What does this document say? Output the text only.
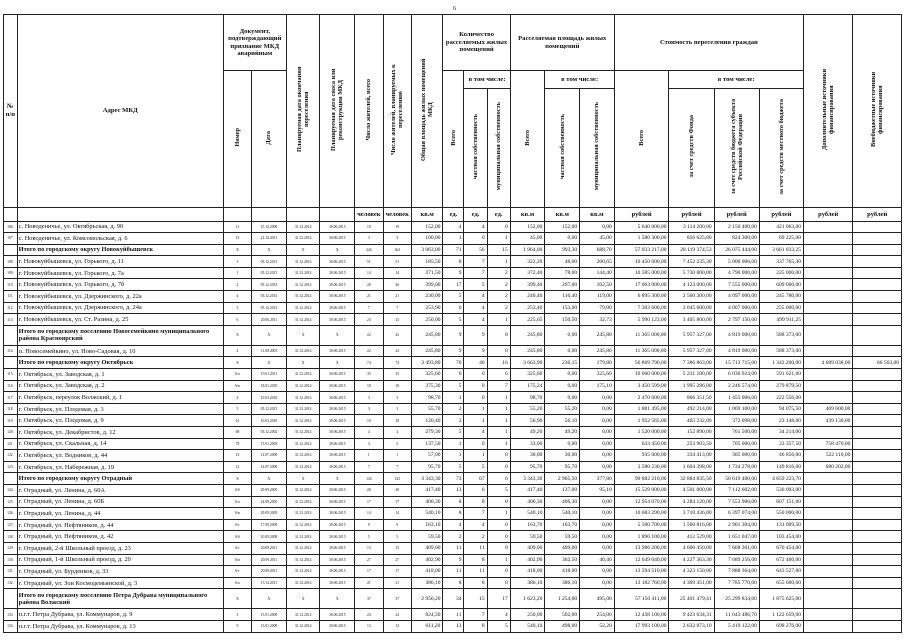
6
№ п/п	Адрес МКД	Документ, подтверждающий признание МКД аварийным		Планируемая дата окончания переселения	Планируемая дата сноса или реконструкции МКД	Число жителей, всего	Число жителей, планируемых к переселению	Общая площадь жилых помещений МКД	Количество расселяемых жилых помещений			Расселяемая площадь жилых помещений			Стоимость переселения граждан				Дополнительные источники финансирования	Внебюджетные источники финансирования
		Номер	Дата						Всего	в том числе:		Всего	в том числе:		Всего	в том числе:				
										частная собственность	муниципальная собственность		частная собственность	муниципальная собственность		за счет средств Фонда	за счет средств бюджета субъекта Российской Федерации	за счет средств местного бюджета		
						человек	человек	кв.м	ед.	ед.	ед.	кв.м	кв.м	кв.м	рублей	рублей	рублей	рублей	рублей	рублей
106.	с. Новоденичье, ул. Октябрьская, д. 90	11	15.12.2009	31.12.2014	30.06.2015	19	19	152,00	4	4	0	152,00	152,00	0,00	5 640 000,00	3 114 200,00	2 150 400,00	421 063,00		
107.	с. Новоденичье, ул. Комсомольская, д. 6	12	21.12.2011	31.12.2014	30.06.2015	3	3	100,00	1	0	1	45,00	0,00	45,00	1 580 300,00	856 625,80	824 300,00	69 225,00		
	Итого по городскому округу Новокуйбышевск	X	X	X	X	244	164	3 063,00	71	56	15	1 964,00	993,30	688,70	57 033 217,00	28 119 374,53	26 075 444,00	3 661 833,25		
108.	г. Новокуйбышевск, ул. Горького, д. 11	3	05.12.2013	31.12.2014	30.06.2015	51	51	185,50	8	7	1	322,20	48,00	200,65	10 450 000,00	7 452 235,30	5 000 000,00	337 765,30		
109.	г. Новокуйбышевск, ул. Горького, д. 7а	1	05.12.2013	31.12.2014	30.06.2015	14	14	371,50	9	7	2	372,40	78,00	144,40	10 585 000,00	5 730 000,00	4 790 000,00	225 000,00		
110.	г. Новокуйбышевск, ул. Горького, д. 7б	2	05.12.2013	31.12.2014	30.06.2015	26	26	399,00	17	5	2	399,40	297,00	102,50	17 063 000,00	4 123 000,00	7 555 000,00	609 000,00		
111.	г. Новокуйбышевск, ул. Дзержинского, д. 22а	4	05.12.2013	31.12.2014	30.06.2015	21	21	230,00	5	4	2	240,40	116,40	119,00	6 895 300,00	2 560 300,00	4 097 000,00	245 780,00		
112.	г. Новокуйбышевск, ул. Дзержинского, д. 24а	5	05.12.2013	31.12.2014	30.06.2015	7	7	253,90	6	4	2	253,40	153,00	79,00	7 303 600,00	3 045 600,00	4 007 000,00	255 000,00		
113.	г. Новокуйбышевск, ул. Ст. Разина, д. 25	6	20.06.2011	31.12.2014	30.06.2015	23	23	250,00	5	4	1	225,65	150,50	32,73	5 990 123,00	3 405 800,00	2 797 150,00	499 911,25		
	Итого по городскому поселению Новосемейкино муниципального района Красноярский	X	X	X	X	22	22	245,80	9	9	0	245,80	0,00	245,80	11 365 000,00	5 957 327,00	4 819 000,00	588 373,00		
114.	п. Новосемейкино, ул. Ново-Садовая, д. 10	4	11.08.2005	31.12.2014	30.06.2015	22	22	245,80	9	9	0	245,80	0,00	245,80	11 365 000,00	5 957 327,00	4 819 000,00	588 373,00		
	Итого по городскому округу Октябрьск	X	X	X	X	74	74	3 493,80	76	46	16	3 663,90	236,15	179,80	56 869 790,00	7 386 863,00	15 713 715,00	1 342 200,00	4 689 038,00	66 563,00
115.	г. Октябрьск, ул. Заводская, д. 1	6/а	19.01.2011	31.12.2014	30.06.2015	35	35	325,60	6	0	6	325,60	0,00	325,60	10 060 000,00	5 231 180,00	6 036 924,00	591 621,00		
116.	г. Октябрьск, ул. Заводская, д. 2	6/в	18.01.2010	31.12.2014	30.06.2015	18	18	375,30	5	0	7	175,24	0,00	175,10	3 450 599,00	1 995 286,00	2 246 574,00	279 879,50		
117.	г. Октябрьск, переулок Волжский, д. 1	2	10.03.2010	31.12.2014	30.06.2015	3	3	98,70	1	0	1	98,70	0,00	0,00	2 470 000,00	866 351,50	1 455 000,00	222 556,00		
118.	г. Октябрьск, ул. Плодовая, д. 3	5	05.12.2013	31.12.2014	30.06.2015	3	3	55,70	2	1	1	55,20	55,20	0,00	1 881 495,00	492 214,00	1 069 100,00	94 075,50	469 600,00	
119.	г. Октябрьск, ул. Плодовая, д. 9	61	10.03.2010	31.12.2014	30.06.2015	18	18	120,40	2	1	1	56,90	56,10	0,00	1 952 565,00	465 232,00	372 098,00	23 148,00	439 130,00	
120.	г. Октябрьск, ул. Декабристов, д. 12	68	05.12.2002	31.12.2014	30.06.2015	4	4	279,30	5	4	1	49,20	49,20	0,00	1 520 000,00	152 890,00	761 500,00	34 214,00		
121.	г. Октябрьск, ул. Скальная, д. 14	78	15.01.2003	31.12.2014	30.06.2015	3	3	137,50	1	0	1	33,00	0,00	0,00	633 450,00	253 903,50	705 000,00	33 357,50	758 470,00	
122.	г. Октябрьск, ул. Водников, д. 44	13	12.07.2009	31.12.2014	30.06.2015	1	1	57,00	1	1	0	30,00	30,00	0,00	935 000,00	334 413,00	305 000,00	46 856,00	522 110,00	
123.	г. Октябрьск, ул. Набережная, д. 19	12	12.07.2009	31.12.2014	30.06.2015	7	7	95,70	5	5	0	95,70	95,70	0,00	3 580 230,00	1 604 398,00	1 734 278,00	149 816,00	680 202,00	
	Итого по городскому округу Отрадный	X	X	X	X	143	143	3 343,30	73	67	6	3 343,30	2 965,50	377,80	90 882 210,00	32 884 835,50	50 619 400,00	4 659 223,70		
124.	г. Отрадный, ул. Ленина, д. 60А	6/б	29.09.2005	31.12.2014	30.06.2015	28	28	417,40	13	6	5	417,40	137,00	95,10	15 529 000,00	4 501 000,00	7 112 602,00	530 003,00		
125.	г. Отрадный, ул. Ленина, д. 60Б	6/а	24.09.2005	31.12.2014	30.06.2015	17	17	406,30	8	8	0	406,30	406,30	0,00	12 954 070,00	4 284 120,00	7 553 900,00	607 151,00		
126.	г. Отрадный, ул. Ленина, д. 44	6/в	29.09.2005	31.12.2014	30.06.2015	14	14	540,10	8	7	1	540,10	540,10	0,00	10 683 290,00	3 710 436,00	6 397 074,00	550 000,00		
127.	г. Отрадный, ул. Нефтяников, д. 44	6/г	17.09.2009	31.12.2014	30.06.2015	9	9	163,10	4	4	0	163,70	163,70	0,00	5 500 700,00	1 560 816,00	2 901 304,00	131 009,50		
128.	г. Отрадный, ул. Нефтяников, д. 42	6/б	10.09.2009	31.12.2014	30.06.2015	5	5	59,50	2	2	0	59,50	59,50	0,00	1 896 100,00	412 529,00	1 651 047,00	103 454,00		
129.	г. Отрадный, 2-й Школьный проезд, д. 23	6/г	20.09.2011	31.12.2014	30.06.2015	13	13	409,00	11	11	0	409,00	409,00	0,00	13 986 200,00	4 600 450,00	7 668 301,00	670 454,00		
130.	г. Отрадный, 1-й Школьный проезд, д. 20	6/в	20.09.2011	31.12.2014	30.06.2015	27	27	402,90	9	8	1	402,90	362,50	40,40	12 649 640,00	4 227 363,30	7 689 256,00	672 460,00		
131.	г. Отрадный, ул. Бурденков, д. 33	6/г	20.09.2011	31.12.2014	30.06.2015	17	17	418,00	11	11	0	418,00	418,00	0,00	13 594 510,00	4 323 150,00	7 888 364,00	643 527,00		
132.	г. Отрадный, ул. Зои Космодемьянской, д. 3	6/а	15.12.2011	31.12.2014	30.06.2015	21	21	386,10	8	8	0	386,10	386,10	0,00	13 182 760,00	4 309 451,00	7 785 770,00	655 600,60		
	Итого по городскому поселению Петра Дубрава муниципального района Волжский	X	X	X	X	37	37	2 956,20	34	15	17	1 623,20	1 254,00	495,00	57 150 411,00	25 401 479,41	25 299 834,00	1 875 625,00		
133.	п.г.т. Петра Дубрава, ул. Коммунаров, д. 9	3	15.01.2009	31.12.2014	30.06.2015	24	24	824,50	11	7	4	250,00	502,00	254,00	12 438 100,00	9 423 634,31	11 043 486,70	1 122 659,00		
134.	п.г.т. Петра Дубрава, ул. Коммунаров, д. 13	9	15.01.2009	31.12.2014	30.06.2015	13	13	611,20	13	8	5	540,10	498,00	52,20	17 993 100,00	2 632 873,10	5 419 122,00	698 276,00		
